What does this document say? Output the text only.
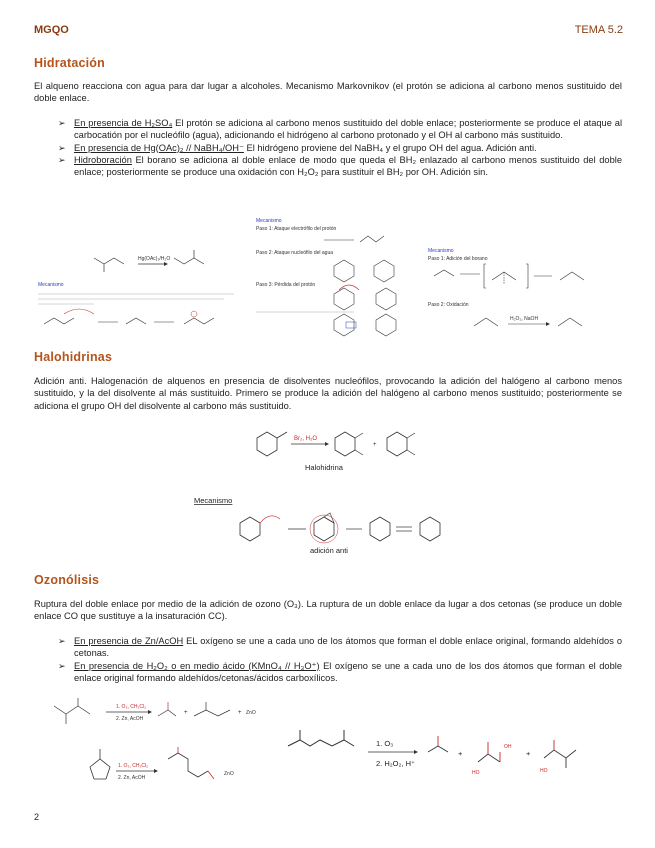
MGQO	TEMA 5.2
Hidratación

El alqueno reacciona con agua para dar lugar a alcoholes. Mecanismo Markovnikov (el protón se adiciona al carbono menos sustituido del doble enlace.

➢ En presencia de H₂SO₄ El protón se adiciona al carbono menos sustituido del doble enlace; posteriormente se produce el ataque al carbocatión por el nucleófilo (agua), adicionando el hidrógeno al carbono protonado y el OH al carbono más sustituido.
➢ En presencia de Hg(OAc)₂ // NaBH₄/OH⁻ El hidrógeno proviene del NaBH₄ y el grupo OH del agua. Adición anti.
➢ Hidroboración El borano se adiciona al doble enlace de modo que queda el BH₂ enlazado al carbono menos sustituido del doble enlace; posteriormente se produce una oxidación con H₂O₂ para sustituir el BH₂ por OH. Adición sin.
Hg(OAc)₂/H₂O
Mecanismo
Mecanismo
Paso 1: Ataque electrófilo del protón
Paso 2: Ataque nucleófilo del agua
Paso 3: Pérdida del protón
Mecanismo
Paso 1: Adición del borano
Paso 2: Oxidación
H₂O₂, NaOH
Halohidrinas

Adición anti. Halogenación de alquenos en presencia de disolventes nucleófilos, provocando la adición del halógeno al carbono menos sustituido, y la del disolvente al más sustituido. Primero se produce la adición del halógeno al carbono menos sustituido; posteriormente se adiciona el grupo OH del disolvente al carbono más sustituido.

Br₂, H₂O
+
Halohidrina
Mecanismo
adición anti
Ozonólisis

Ruptura del doble enlace por medio de la adición de ozono (O₃). La ruptura de un doble enlace da lugar a dos cetonas (se produce un doble enlace CO que sustituye a la insaturación CC).

➢ En presencia de Zn/AcOH EL oxígeno se une a cada uno de los átomos que forman el doble enlace original, formando aldehídos o cetonas.
➢ En presencia de H₂O₂ o en medio ácido (KMnO₄ // H₃O⁺) El oxígeno se une a cada uno de los dos átomos que forman el doble enlace original formando aldehídos/cetonas/ácidos carboxílicos.
1. O₃, CH₂Cl₂
2. Zn, AcOH
+	+ ZnO
1. O₃, CH₂Cl₂
2. Zn, AcOH
ZnO
1. O₃
2. H₂O₂, H⁺
+
HO
OH
+
HO
2
